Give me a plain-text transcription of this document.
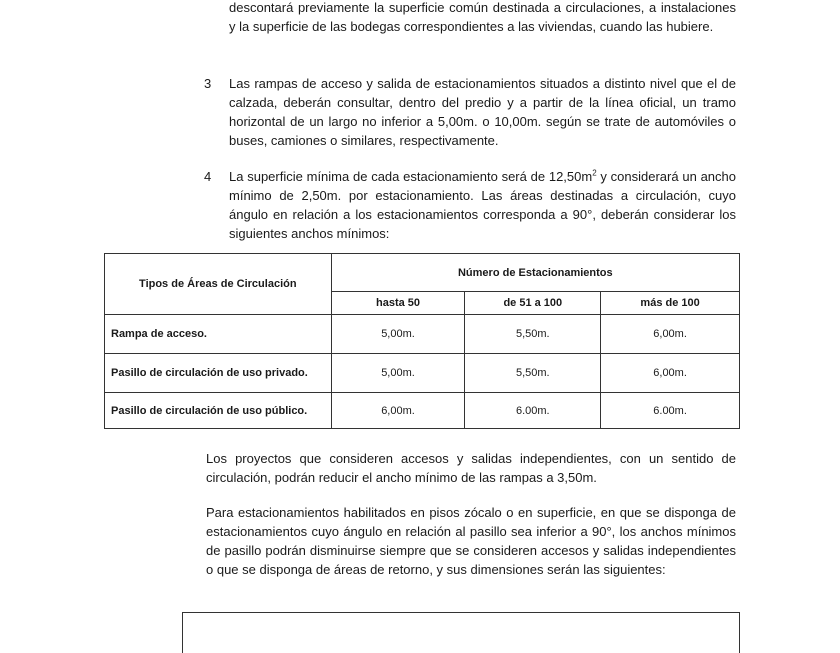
descontará previamente la superficie común destinada a circulaciones, a instalaciones y la superficie de las bodegas correspondientes a las viviendas, cuando las hubiere.

3 Las rampas de acceso y salida de estacionamientos situados a distinto nivel que el de calzada, deberán consultar, dentro del predio y a partir de la línea oficial, un tramo horizontal de un largo no inferior a 5,00m. o 10,00m. según se trate de automóviles o buses, camiones o similares, respectivamente.

4 La superficie mínima de cada estacionamiento será de $12,50m^2$ y considerará un ancho mínimo de 2,50m. por estacionamiento. Las áreas destinadas a circulación, cuyo ángulo en relación a los estacionamientos corresponda a 90°, deberán considerar los siguientes anchos mínimos:

Tipos de Áreas de Circulación	Número de Estacionamientos		
	hasta 50	de 51 a 100	más de 100
Rampa de acceso.	5,00m.	5,50m.	6,00m.
Pasillo de circulación de uso privado.	5,00m.	5,50m.	6,00m.
Pasillo de circulación de uso público.	6,00m.	6.00m.	6.00m.

Los proyectos que consideren accesos y salidas independientes, con un sentido de circulación, podrán reducir el ancho mínimo de las rampas a 3,50m.

Para estacionamientos habilitados en pisos zócalo o en superficie, en que se disponga de estacionamientos cuyo ángulo en relación al pasillo sea inferior a 90°, los anchos mínimos de pasillo podrán disminuirse siempre que se consideren accesos y salidas independientes o que se disponga de áreas de retorno, y sus dimensiones serán las siguientes:
